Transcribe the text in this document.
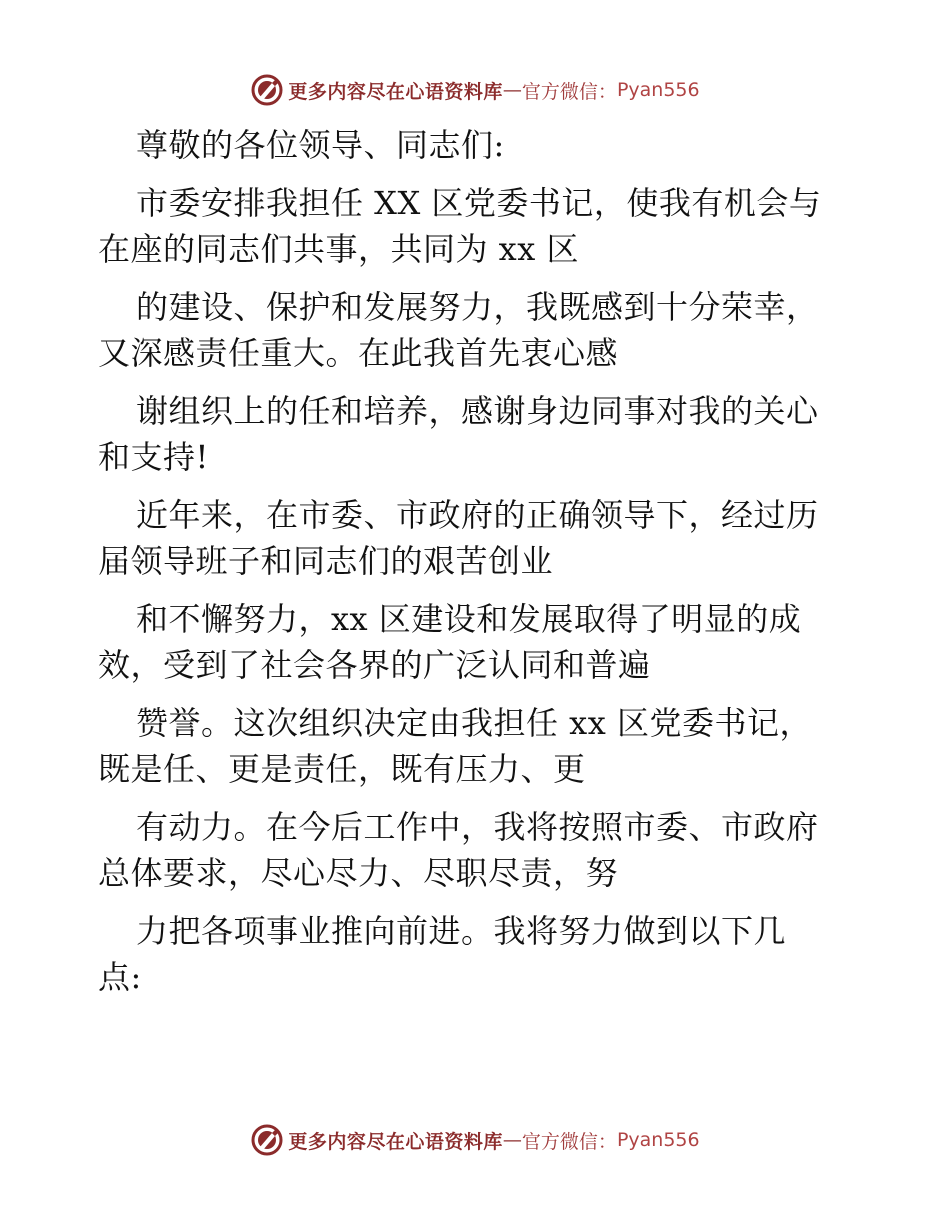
更多内容尽在心语资料库 — 官方微信： Pyan556

尊敬的各位领导、同志们:

市委安排我担任 XX 区党委书记，使我有机会与

在座的同志们共事，共同为 xx 区

的建设、保护和发展努力，我既感到十分荣幸，

又深感责任重大。在此我首先衷心感

谢组织上的任和培养，感谢身边同事对我的关心

和支持!

近年来，在市委、市政府的正确领导下，经过历

届领导班子和同志们的艰苦创业

和不懈努力，xx 区建设和发展取得了明显的成

效，受到了社会各界的广泛认同和普遍

赞誉。这次组织决定由我担任 xx 区党委书记，

既是任、更是责任，既有压力、更

有动力。在今后工作中，我将按照市委、市政府

总体要求，尽心尽力、尽职尽责，努

力把各项事业推向前进。我将努力做到以下几

点:

更多内容尽在心语资料库 — 官方微信： Pyan556
